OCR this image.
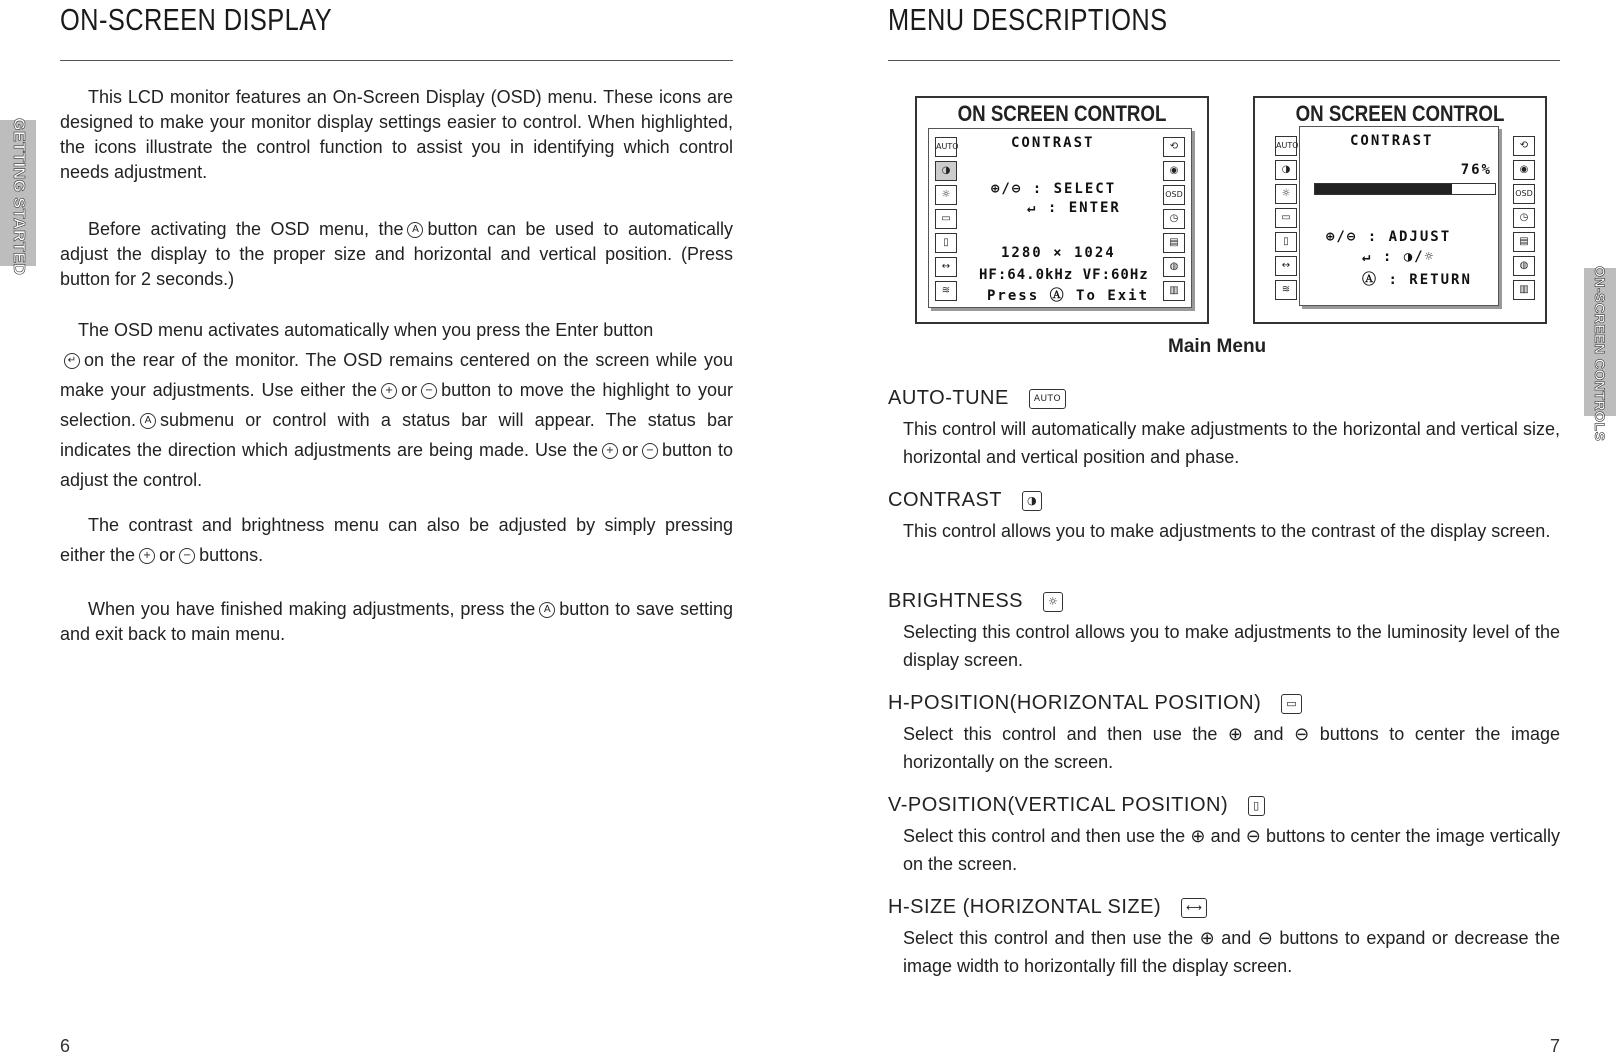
ON-SCREEN DISPLAY
GETTING STARTED

This LCD monitor features an On-Screen Display (OSD) menu. These icons are designed to make your monitor display settings easier to control. When highlighted, the icons illustrate the control function to assist you in identifying which control needs adjustment.

Before activating the OSD menu, the A button can be used to automatically adjust the display to the proper size and horizontal and vertical position. (Press button for 2 seconds.)

The OSD menu activates automatically when you press the Enter button
↵ on the rear of the monitor. The OSD remains centered on the screen while you make your adjustments. Use either the + or − button to move the highlight to your selection. A submenu or control with a status bar will appear. The status bar indicates the direction which adjustments are being made. Use the + or − button to adjust the control.

The contrast and brightness menu can also be adjusted by simply pressing either the + or − buttons.

When you have finished making adjustments, press the A button to save setting and exit back to main menu.

6
MENU DESCRIPTIONS
ON-SCREEN CONTROLS
ON SCREEN CONTROL
AUTO
◑
☼
▭
▯
↔
≋
⟲
◉
OSD
◷
▤
◍
▥
CONTRAST
⊕/⊖ : SELECT
↵ : ENTER
1280 × 1024
HF:64.0kHz VF:60Hz
Press Ⓐ To Exit
ON SCREEN CONTROL
AUTO
◑
☼
▭
▯
↔
≋
⟲
◉
OSD
◷
▤
◍
▥
CONTRAST
76%
⊕/⊖ : ADJUST
↵ : ◑/☼
Ⓐ : RETURN
Main Menu
AUTO-TUNE	AUTO

This control will automatically make adjustments to the horizontal and vertical size, horizontal and vertical position and phase.

CONTRAST ◑

This control allows you to make adjustments to the contrast of the display screen.

BRIGHTNESS ☼

Selecting this control allows you to make adjustments to the luminosity level of the display screen.

H-POSITION(HORIZONTAL POSITION) ▭

Select this control and then use the ⊕ and ⊖ buttons to center the image horizontally on the screen.

V-POSITION(VERTICAL POSITION) ▯

Select this control and then use the ⊕ and ⊖ buttons to center the image vertically on the screen.

H-SIZE (HORIZONTAL SIZE) ⟷

Select this control and then use the ⊕ and ⊖ buttons to expand or decrease the image width to horizontally fill the display screen.

7
